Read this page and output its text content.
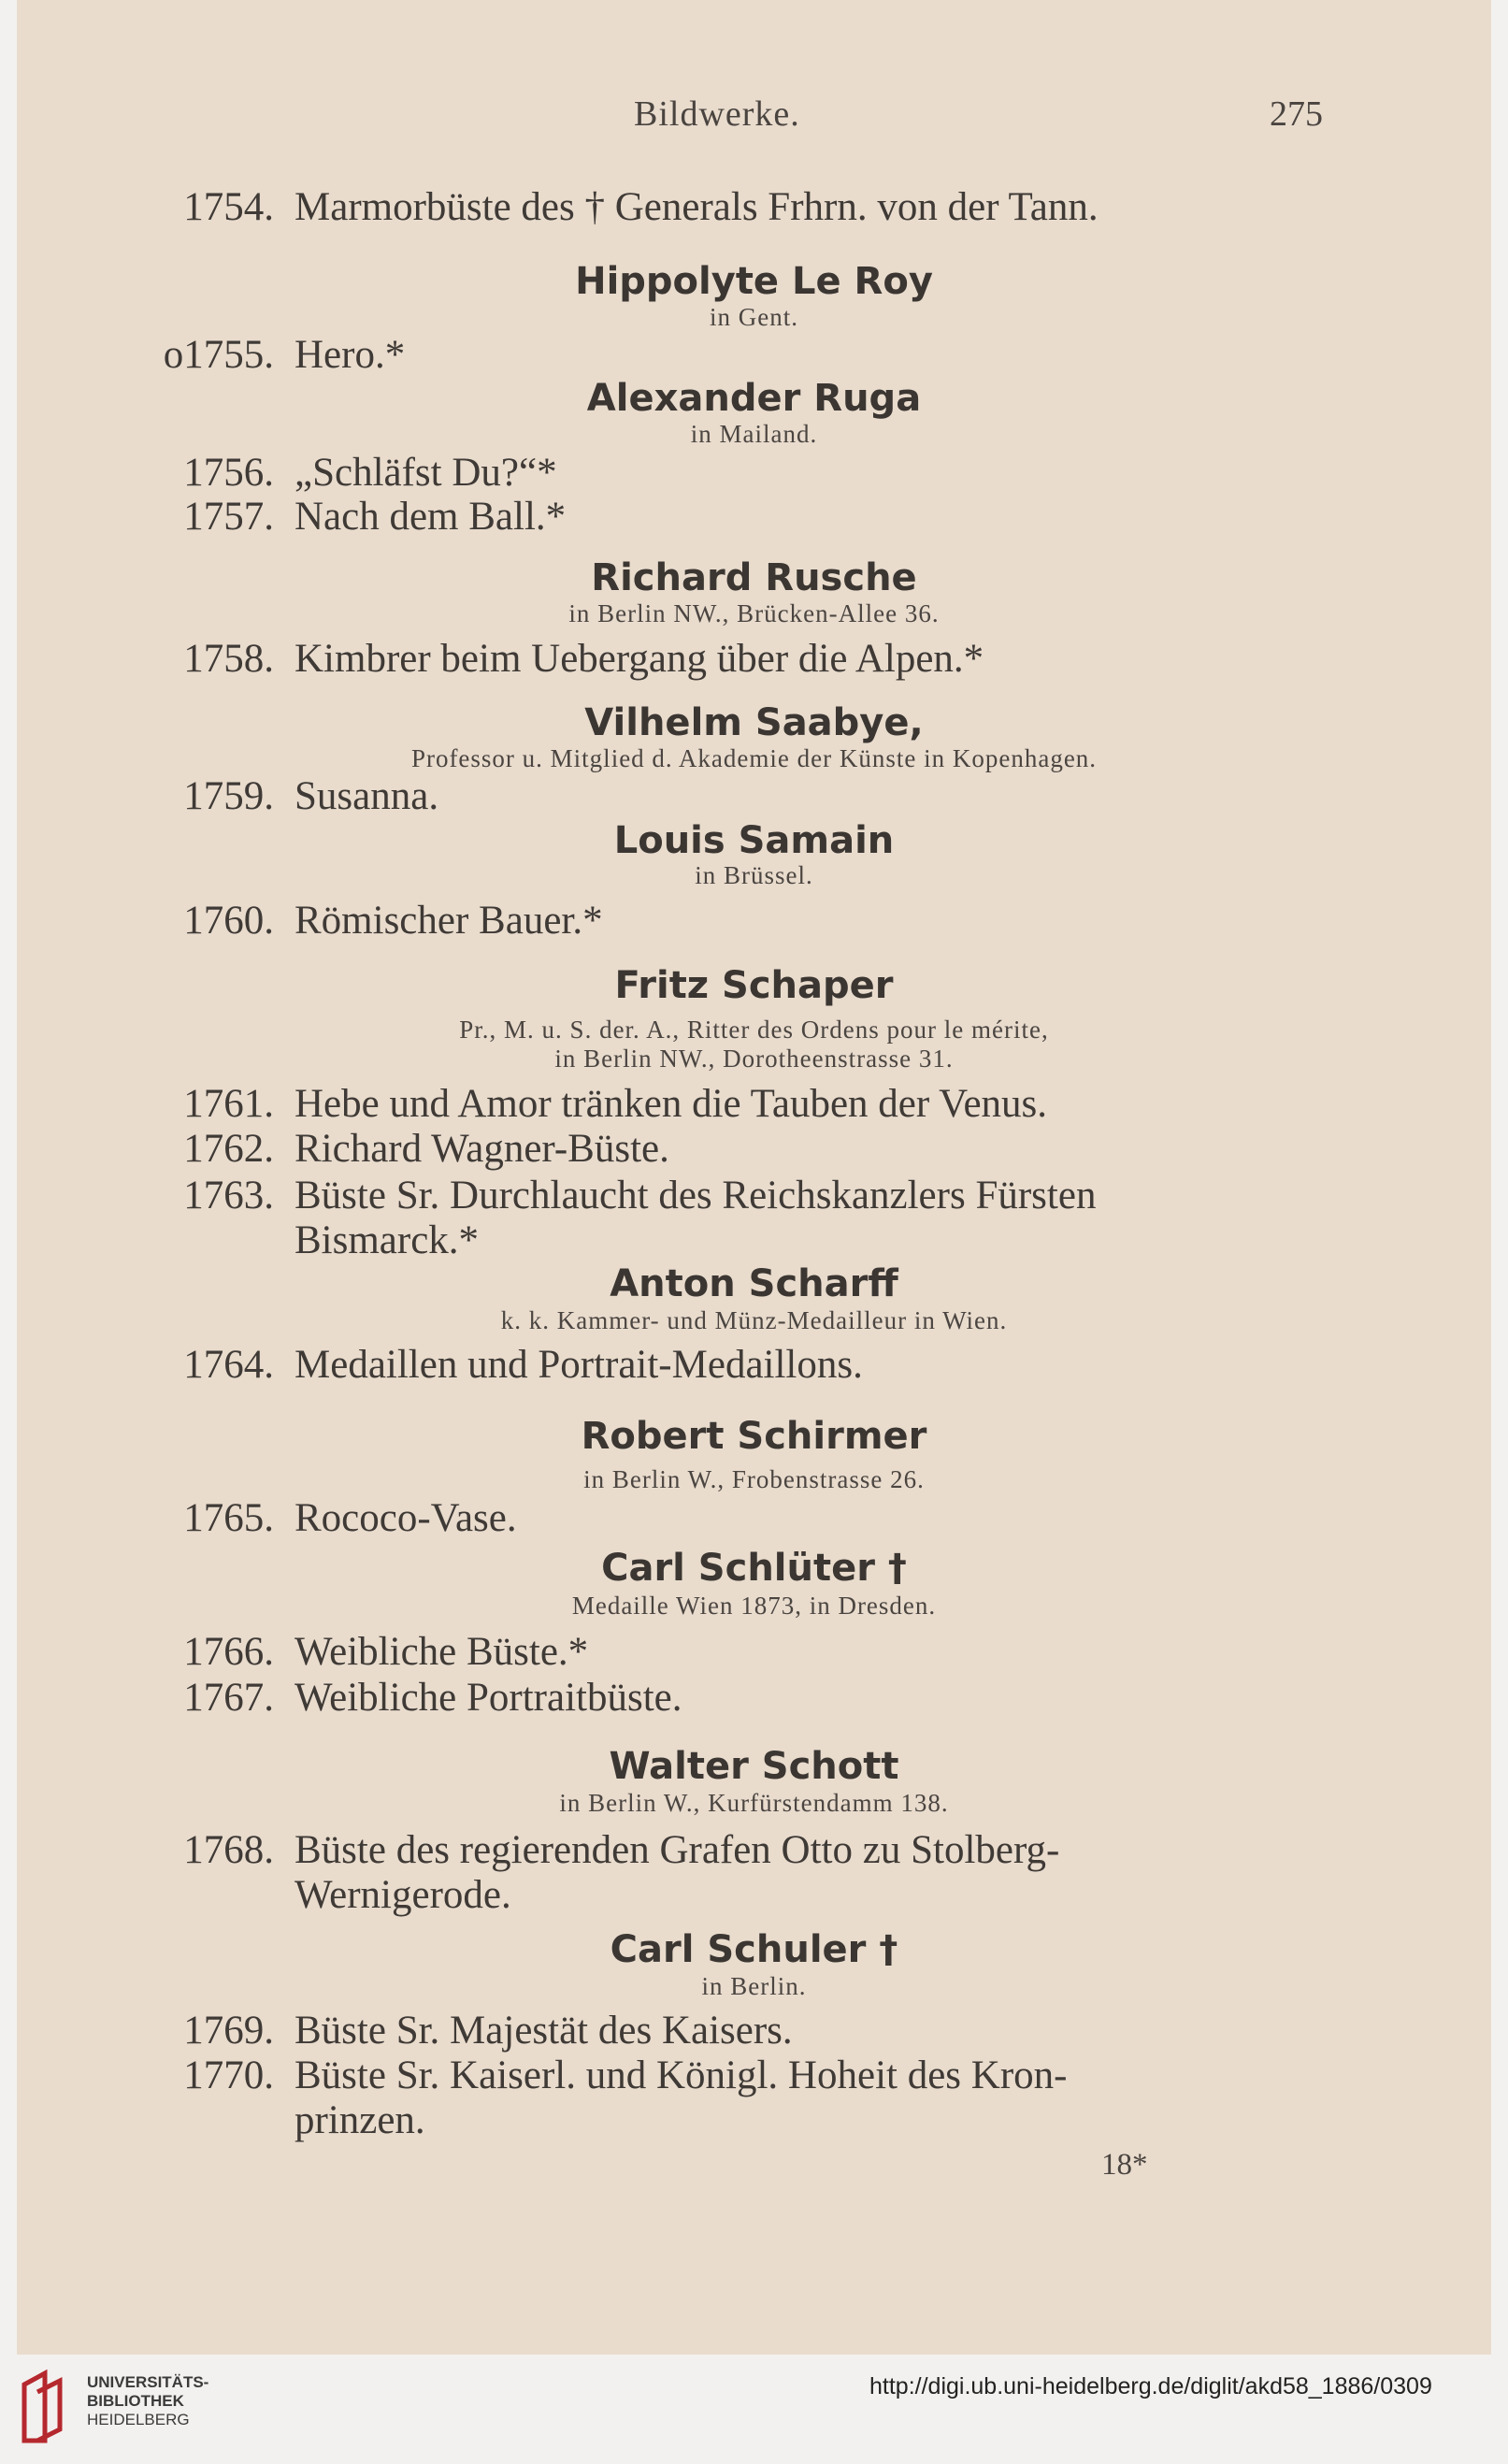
Bildwerke.	275
1754. Marmorbüste des † Generals Frhrn. von der Tann.
Hippolyte Le Roy
in Gent.
o1755. Hero.*
Alexander Ruga
in Mailand.
1756. „Schläfst Du?“*
1757. Nach dem Ball.*
Richard Rusche
in Berlin NW., Brücken-Allee 36.
1758. Kimbrer beim Uebergang über die Alpen.*
Vilhelm Saabye,
Professor u. Mitglied d. Akademie der Künste in Kopenhagen.
1759. Susanna.
Louis Samain
in Brüssel.
1760. Römischer Bauer.*
Fritz Schaper
Pr., M. u. S. der. A., Ritter des Ordens pour le mérite,
in Berlin NW., Dorotheenstrasse 31.
1761. Hebe und Amor tränken die Tauben der Venus.
1762. Richard Wagner-Büste.
1763. Büste Sr. Durchlaucht des Reichskanzlers Fürsten
Bismarck.*
Anton Scharff
k. k. Kammer- und Münz-Medailleur in Wien.
1764. Medaillen und Portrait-Medaillons.
Robert Schirmer
in Berlin W., Frobenstrasse 26.
1765. Rococo-Vase.
Carl Schlüter †
Medaille Wien 1873, in Dresden.
1766. Weibliche Büste.*
1767. Weibliche Portraitbüste.
Walter Schott
in Berlin W., Kurfürstendamm 138.
1768. Büste des regierenden Grafen Otto zu Stolberg-
Wernigerode.
Carl Schuler †
in Berlin.
1769. Büste Sr. Majestät des Kaisers.
1770. Büste Sr. Kaiserl. und Königl. Hoheit des Kron-
prinzen.
18*
UNIVERSITÄTS-
BIBLIOTHEK
HEIDELBERG
http://digi.ub.uni-heidelberg.de/diglit/akd58_1886/0309
